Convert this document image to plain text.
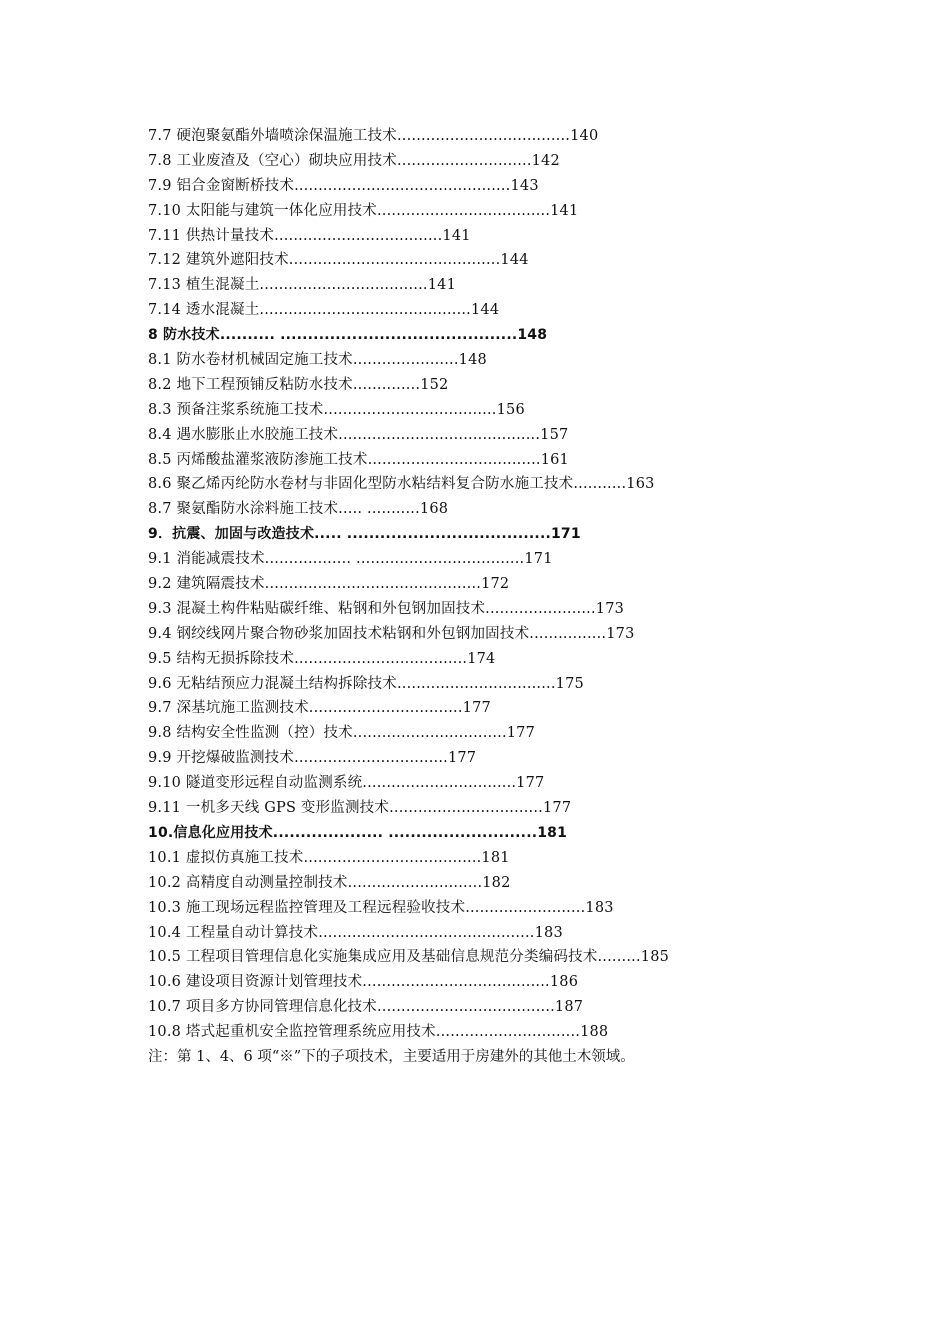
7.7 硬泡聚氨酯外墙喷涂保温施工技术....................................140
7.8 工业废渣及（空心）砌块应用技术............................142
7.9 铝合金窗断桥技术.............................................143
7.10 太阳能与建筑一体化应用技术....................................141
7.11 供热计量技术...................................141
7.12 建筑外遮阳技术............................................144
7.13 植生混凝土...................................141
7.14 透水混凝土............................................144
8 防水技术.......... ...........................................148
8.1 防水卷材机械固定施工技术......................148
8.2 地下工程预铺反粘防水技术..............152
8.3 预备注浆系统施工技术....................................156
8.4 遇水膨胀止水胶施工技术..........................................157
8.5 丙烯酸盐灌浆液防渗施工技术....................................161
8.6 聚乙烯丙纶防水卷材与非固化型防水粘结料复合防水施工技术...........163
8.7 聚氨酯防水涂料施工技术..... ...........168
9．抗震、加固与改造技术..... .....................................171
9.1 消能减震技术.................. ...................................171
9.2 建筑隔震技术.............................................172
9.3 混凝土构件粘贴碳纤维、粘钢和外包钢加固技术.......................173
9.4 钢绞线网片聚合物砂浆加固技术粘钢和外包钢加固技术................173
9.5 结构无损拆除技术....................................174
9.6 无粘结预应力混凝土结构拆除技术.................................175
9.7 深基坑施工监测技术................................177
9.8 结构安全性监测（控）技术................................177
9.9 开挖爆破监测技术................................177
9.10 隧道变形远程自动监测系统................................177
9.11 一机多天线 GPS 变形监测技术................................177
10.信息化应用技术.................... ...........................181
10.1 虚拟仿真施工技术.....................................181
10.2 高精度自动测量控制技术............................182
10.3 施工现场远程监控管理及工程远程验收技术.........................183
10.4 工程量自动计算技术.............................................183
10.5 工程项目管理信息化实施集成应用及基础信息规范分类编码技术.........185
10.6 建设项目资源计划管理技术.......................................186
10.7 项目多方协同管理信息化技术.....................................187
10.8 塔式起重机安全监控管理系统应用技术..............................188
注：第 1、4、6 项“※”下的子项技术，主要适用于房建外的其他土木领域。
